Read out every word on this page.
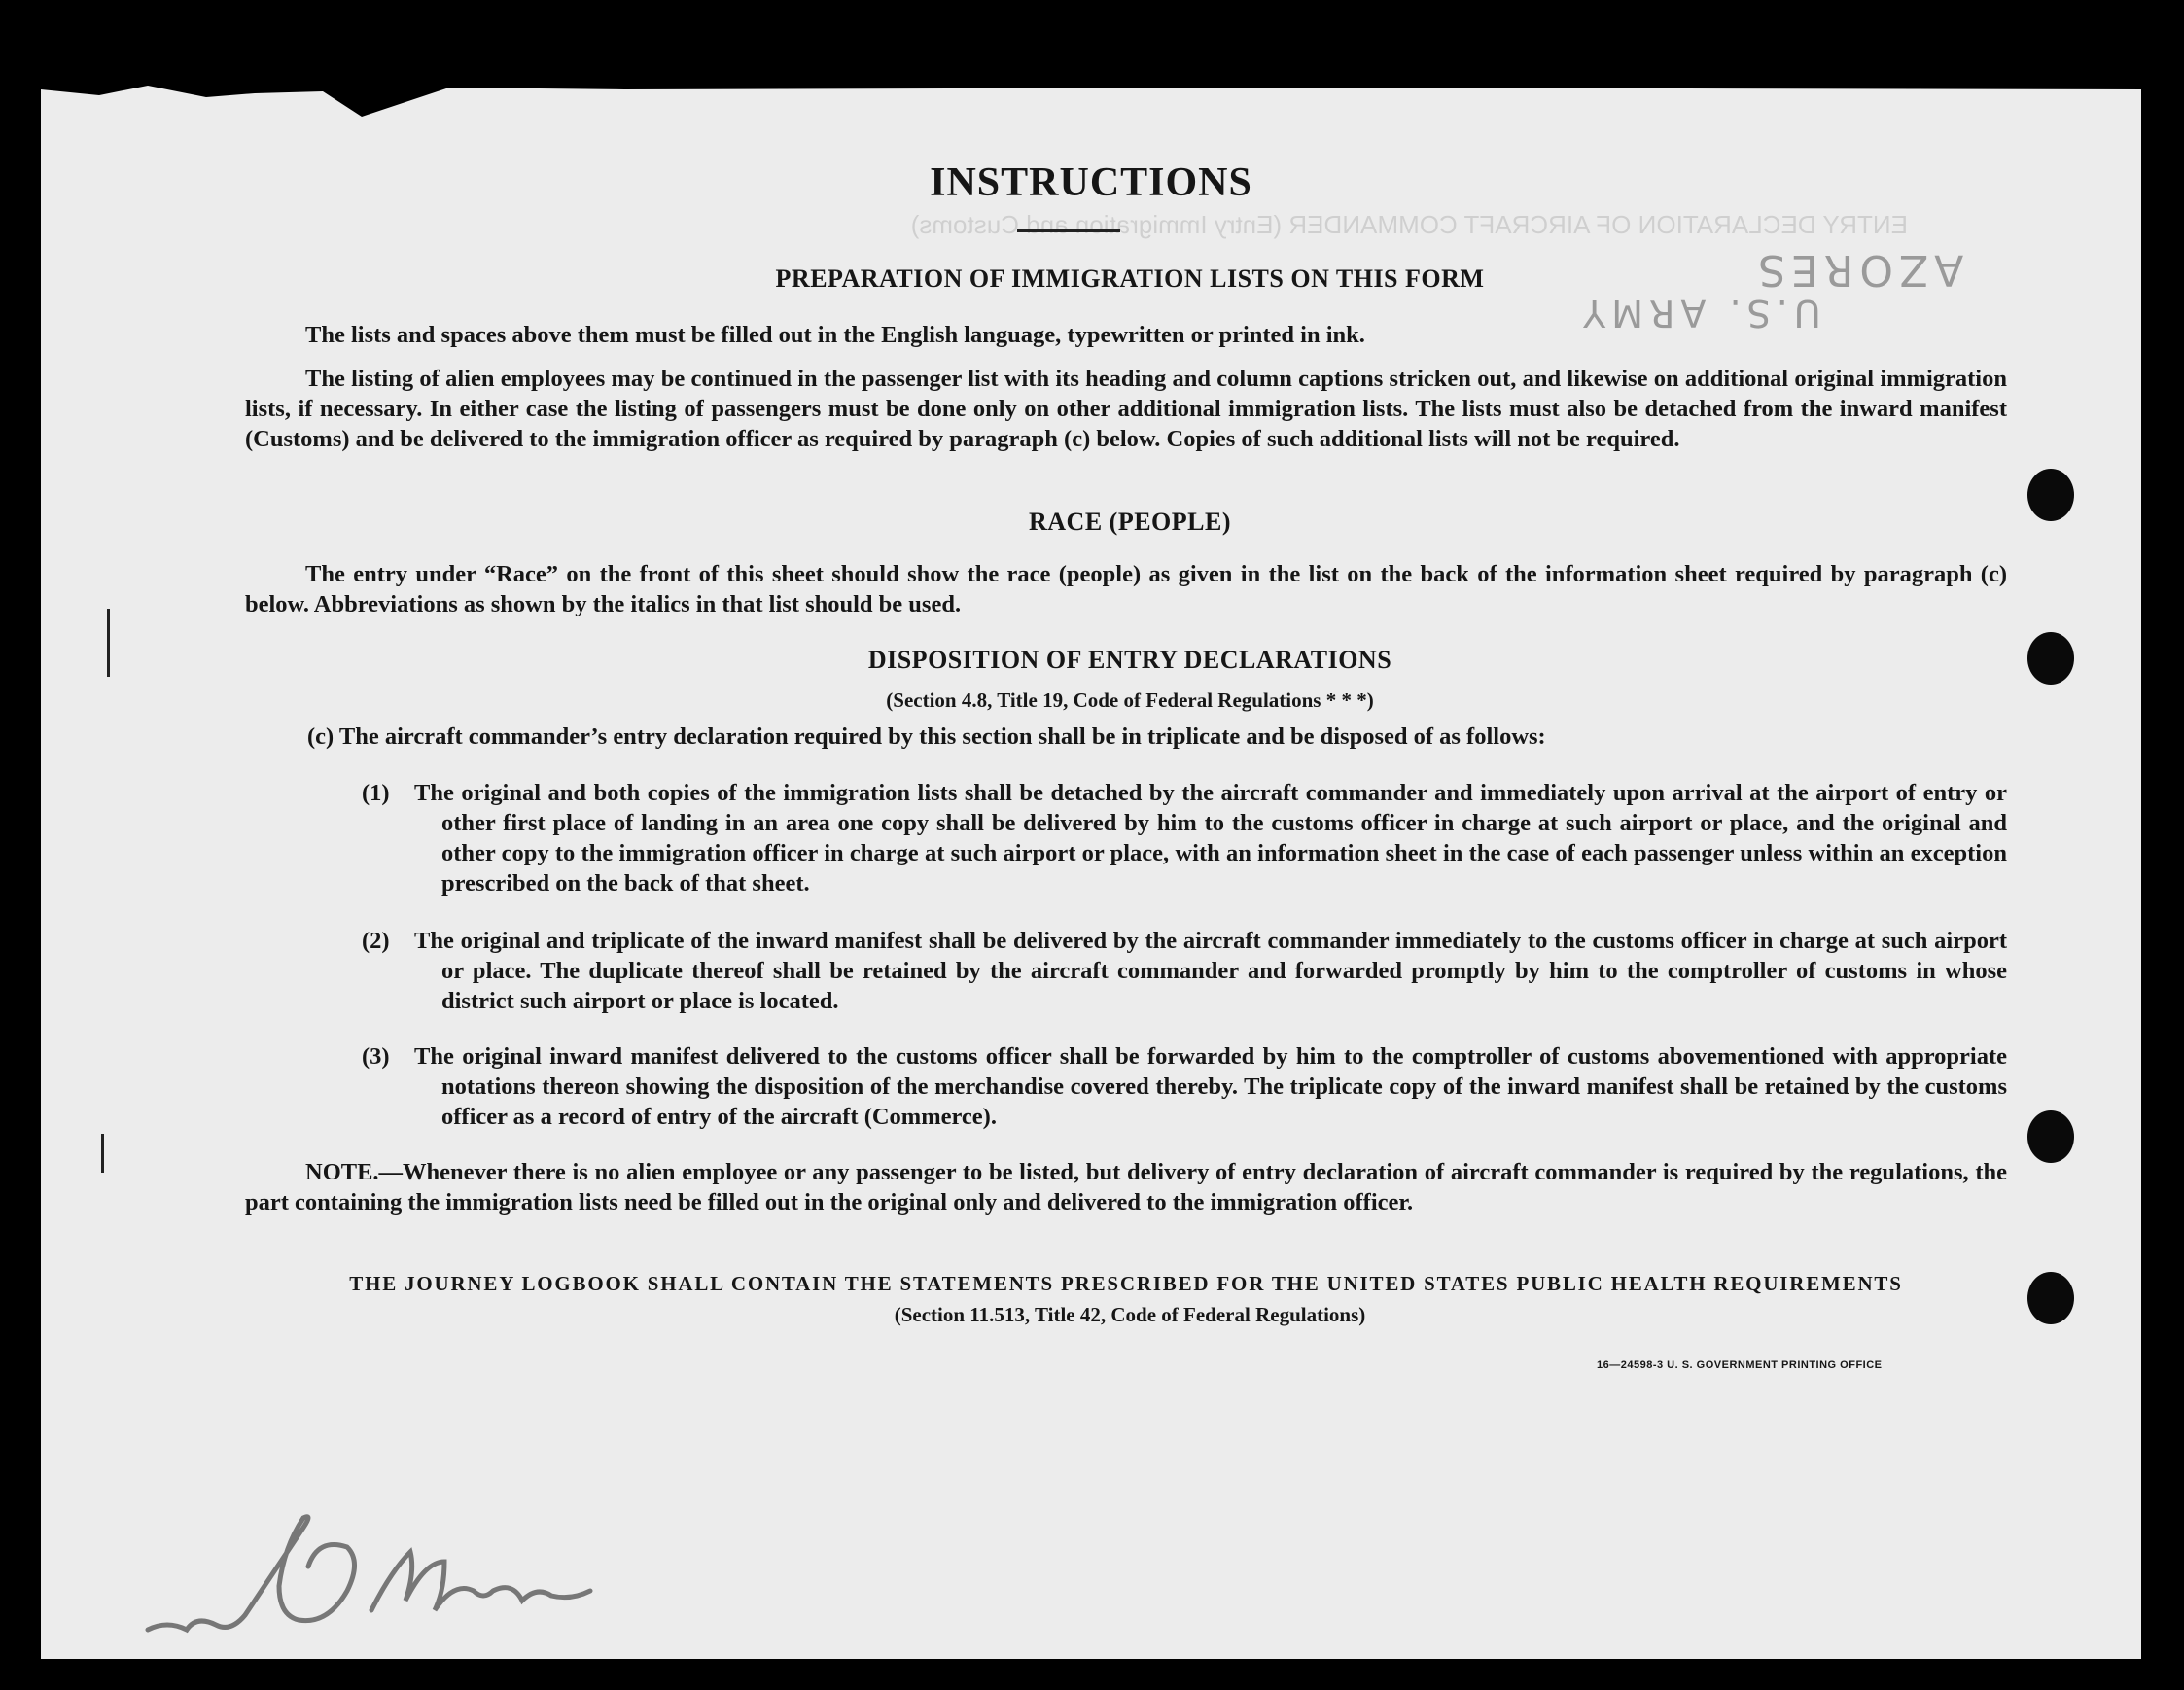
ENTRY DECLARATION OF AIRCRAFT COMMANDER (Entry Immigration and Customs)
INSTRUCTIONS
PREPARATION OF IMMIGRATION LISTS ON THIS FORM
The lists and spaces above them must be filled out in the English language, typewritten or printed in ink.
The listing of alien employees may be continued in the passenger list with its heading and column captions stricken out, and likewise on additional original immigration lists, if necessary. In either case the listing of passengers must be done only on other additional immigration lists. The lists must also be detached from the inward manifest (Customs) and be delivered to the immigration officer as required by paragraph (c) below. Copies of such additional lists will not be required.
RACE (PEOPLE)
The entry under “Race” on the front of this sheet should show the race (people) as given in the list on the back of the information sheet required by paragraph (c) below. Abbreviations as shown by the italics in that list should be used.
DISPOSITION OF ENTRY DECLARATIONS
(Section 4.8, Title 19, Code of Federal Regulations * * *)
(c) The aircraft commander’s entry declaration required by this section shall be in triplicate and be disposed of as follows:
(1)	The original and both copies of the immigration lists shall be detached by the aircraft commander and immediately upon arrival at the airport of entry or other first place of landing in an area one copy shall be delivered by him to the customs officer in charge at such airport or place, and the original and other copy to the immigration officer in charge at such airport or place, with an information sheet in the case of each passenger unless within an exception prescribed on the back of that sheet.
(2)	The original and triplicate of the inward manifest shall be delivered by the aircraft commander immediately to the customs officer in charge at such airport or place. The duplicate thereof shall be retained by the aircraft commander and forwarded promptly by him to the comptroller of customs in whose district such airport or place is located.
(3)	The original inward manifest delivered to the customs officer shall be forwarded by him to the comptroller of customs abovementioned with appropriate notations thereon showing the disposition of the merchandise covered thereby. The triplicate copy of the inward manifest shall be retained by the customs officer as a record of entry of the aircraft (Commerce).
NOTE.—Whenever there is no alien employee or any passenger to be listed, but delivery of entry declaration of aircraft commander is required by the regulations, the part containing the immigration lists need be filled out in the original only and delivered to the immigration officer.
THE JOURNEY LOGBOOK SHALL CONTAIN THE STATEMENTS PRESCRIBED FOR THE UNITED STATES PUBLIC HEALTH REQUIREMENTS
(Section 11.513, Title 42, Code of Federal Regulations)
16—24598-3 U. S. GOVERNMENT PRINTING OFFICE
AZORES
U.S. ARMY
